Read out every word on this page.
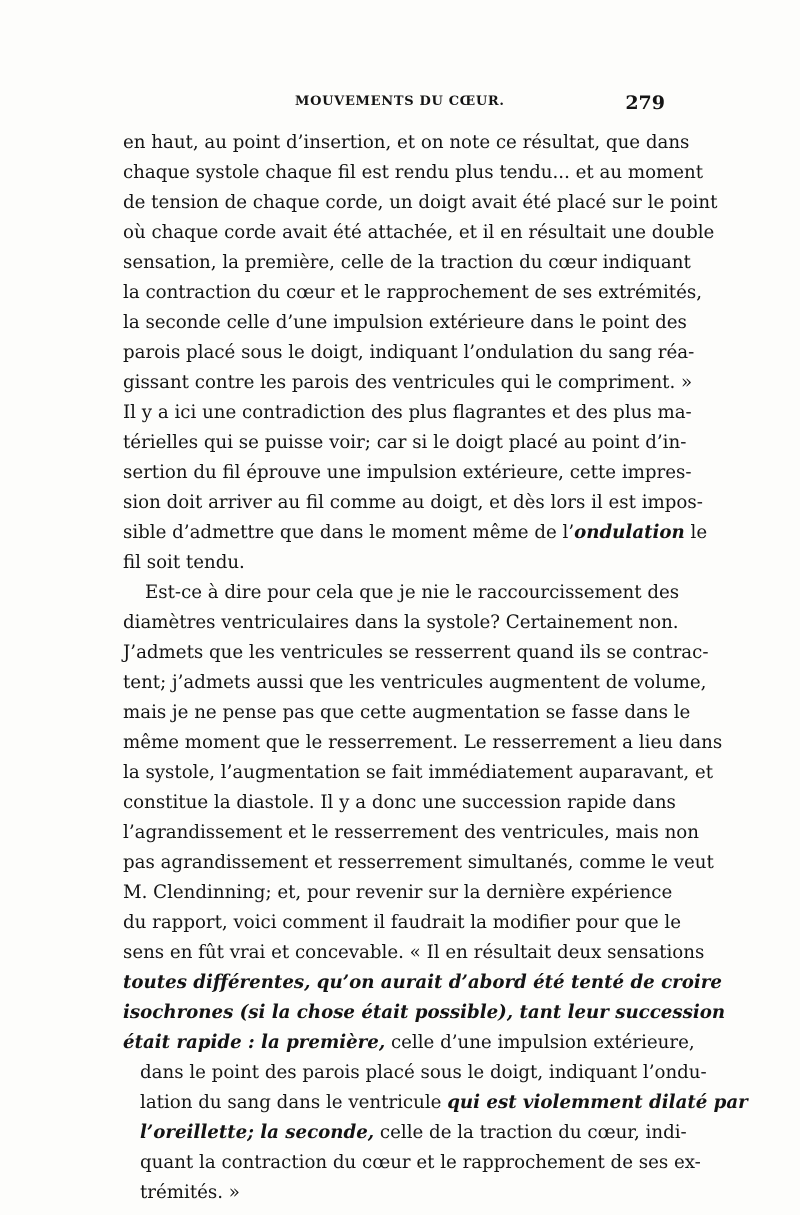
MOUVEMENTS DU CŒUR.	279
en haut, au point d’insertion, et on note ce résultat, que dans
chaque systole chaque fil est rendu plus tendu... et au moment
de tension de chaque corde, un doigt avait été placé sur le point
où chaque corde avait été attachée, et il en résultait une double
sensation, la première, celle de la traction du cœur indiquant
la contraction du cœur et le rapprochement de ses extrémités,
la seconde celle d’une impulsion extérieure dans le point des
parois placé sous le doigt, indiquant l’ondulation du sang réa-
gissant contre les parois des ventricules qui le compriment. »
Il y a ici une contradiction des plus flagrantes et des plus ma-
térielles qui se puisse voir; car si le doigt placé au point d’in-
sertion du fil éprouve une impulsion extérieure, cette impres-
sion doit arriver au fil comme au doigt, et dès lors il est impos-
sible d’admettre que dans le moment même de l’ondulation le
fil soit tendu.
Est-ce à dire pour cela que je nie le raccourcissement des
diamètres ventriculaires dans la systole? Certainement non.
J’admets que les ventricules se resserrent quand ils se contrac-
tent; j’admets aussi que les ventricules augmentent de volume,
mais je ne pense pas que cette augmentation se fasse dans le
même moment que le resserrement. Le resserrement a lieu dans
la systole, l’augmentation se fait immédiatement auparavant, et
constitue la diastole. Il y a donc une succession rapide dans
l’agrandissement et le resserrement des ventricules, mais non
pas agrandissement et resserrement simultanés, comme le veut
M. Clendinning; et, pour revenir sur la dernière expérience
du rapport, voici comment il faudrait la modifier pour que le
sens en fût vrai et concevable. « Il en résultait deux sensations
toutes différentes, qu’on aurait d’abord été tenté de croire
isochrones (si la chose était possible), tant leur succession
était rapide : la première, celle d’une impulsion extérieure,
dans le point des parois placé sous le doigt, indiquant l’ondu-
lation du sang dans le ventricule qui est violemment dilaté par
l’oreillette; la seconde, celle de la traction du cœur, indi-
quant la contraction du cœur et le rapprochement de ses ex-
trémités. »
